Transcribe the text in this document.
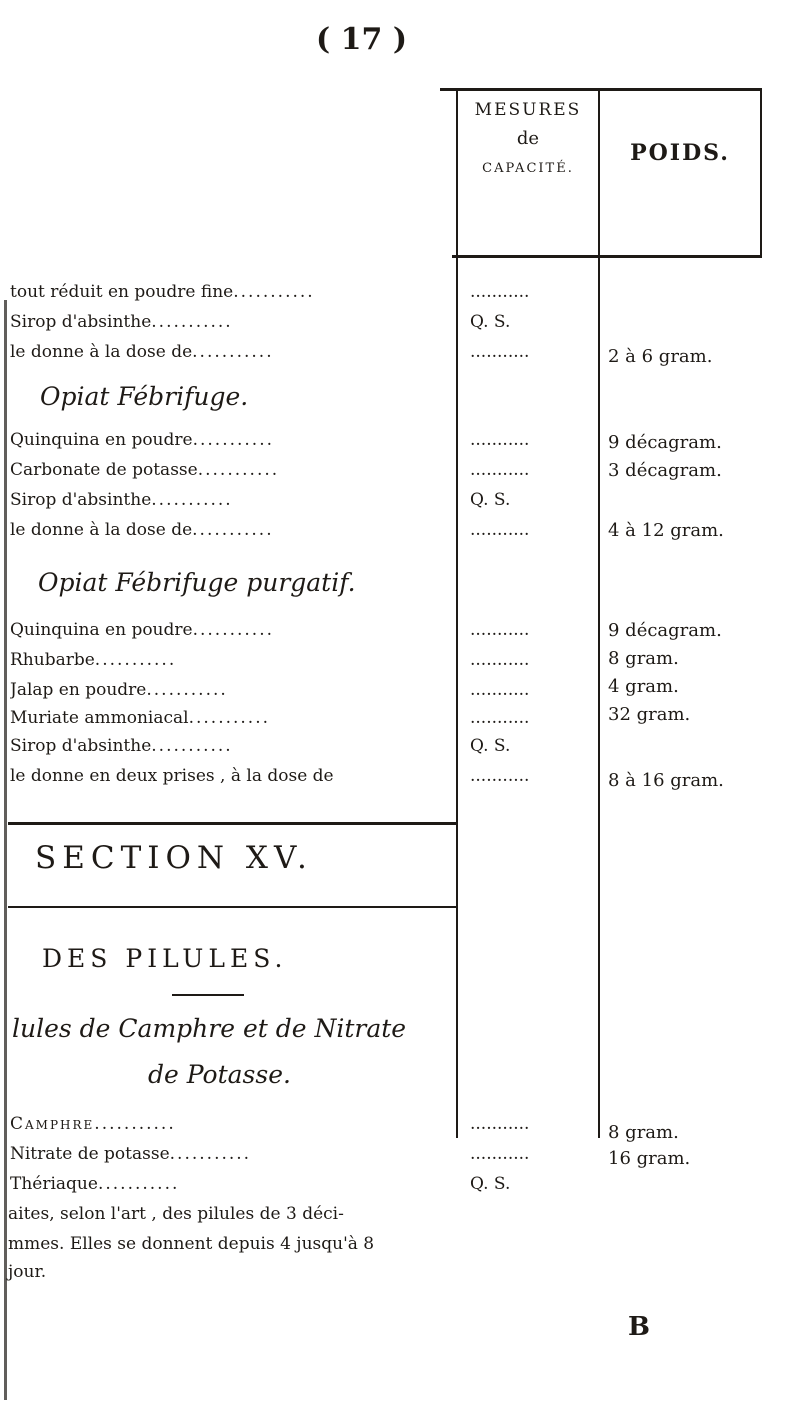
( 17 )
MESURES
de
CAPACITÉ.
POIDS.
tout réduit en poudre fine...........	...........
Sirop d'absinthe...........	Q. S.
le donne à la dose de...........	...........	2 à 6 gram.
Opiat Fébrifuge.
Quinquina en poudre...........	...........	9 décagram.
Carbonate de potasse...........	...........	3 décagram.
Sirop d'absinthe...........	Q. S.
le donne à la dose de...........	...........	4 à 12 gram.
Opiat Fébrifuge purgatif.
Quinquina en poudre...........	...........	9 décagram.
Rhubarbe...........	...........	8 gram.
Jalap en poudre...........	...........	4 gram.
Muriate ammoniacal...........	...........	32 gram.
Sirop d'absinthe...........	Q. S.
le donne en deux prises , à la dose de	...........	8 à 16 gram.
SECTION XV.
DES PILULES.
lules de Camphre et de Nitrate
de Potasse.
Camphre...........	...........	8 gram.
Nitrate de potasse...........	...........	16 gram.
Thériaque...........	Q. S.
aites, selon l'art , des pilules de 3 déci-
mmes. Elles se donnent depuis 4 jusqu'à 8
jour.
B
